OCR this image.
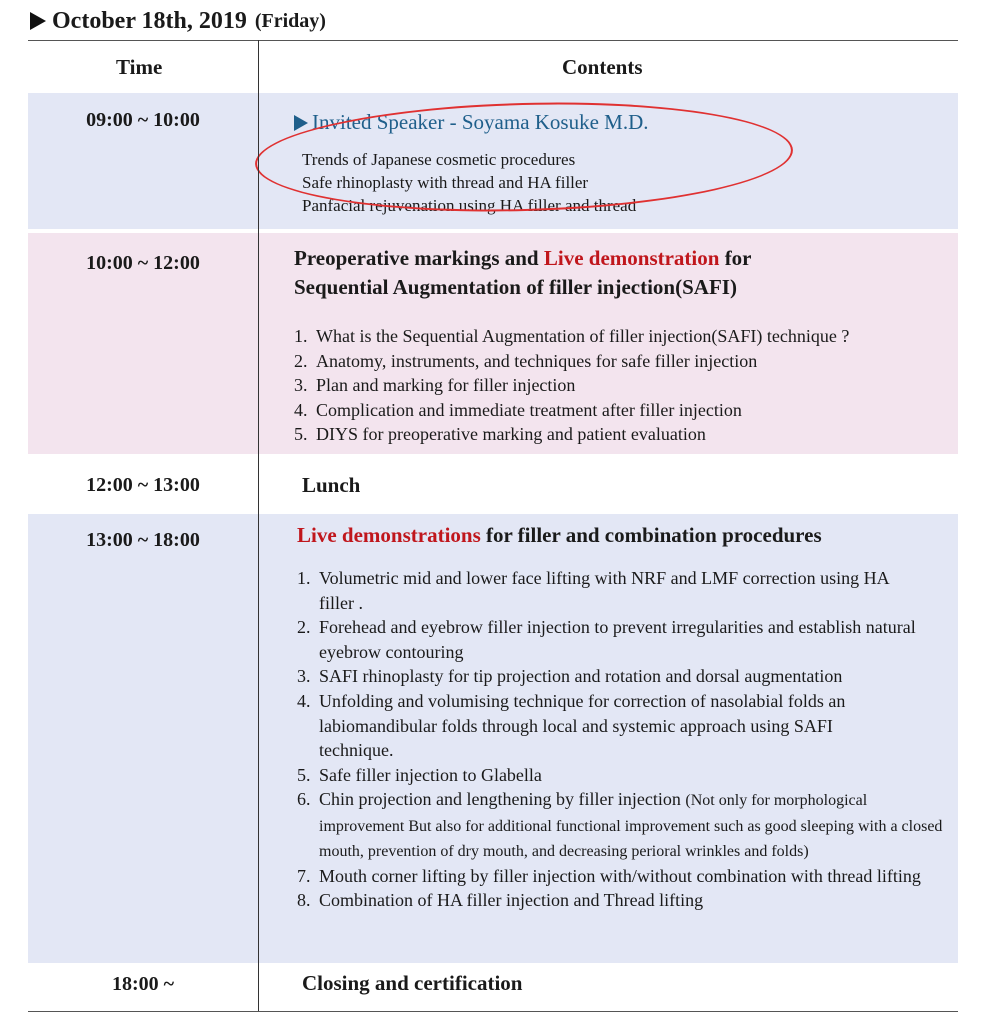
October 18th, 2019 (Friday)
Time	Contents
09:00 ~ 10:00	Invited Speaker - Soyama Kosuke M.D.
Trends of Japanese cosmetic procedures
Safe rhinoplasty with thread and HA filler
Panfacial rejuvenation using HA filler and thread
10:00 ~ 12:00	Preoperative markings and Live demonstration for
Sequential Augmentation of filler injection(SAFI)
1. What is the Sequential Augmentation of filler injection(SAFI) technique ?
2. Anatomy, instruments, and techniques for safe filler injection
3. Plan and marking for filler injection
4. Complication and immediate treatment after filler injection
5. DIYS for preoperative marking and patient evaluation
12:00 ~ 13:00	Lunch
13:00 ~ 18:00	Live demonstrations for filler and combination procedures
1. Volumetric mid and lower face lifting with NRF and LMF correction using HA filler .
2. Forehead and eyebrow filler injection to prevent irregularities and establish natural eyebrow contouring
3. SAFI rhinoplasty for tip projection and rotation and dorsal augmentation
4. Unfolding and volumising technique for correction of nasolabial folds an labiomandibular folds through local and systemic approach using SAFI technique.
5. Safe filler injection to Glabella
6. Chin projection and lengthening by filler injection (Not only for morphological improvement But also for additional functional improvement such as good sleeping with a closed mouth, prevention of dry mouth, and decreasing perioral wrinkles and folds)
7. Mouth corner lifting by filler injection with/without combination with thread lifting
8. Combination of HA filler injection and Thread lifting
18:00 ~	Closing and certification
